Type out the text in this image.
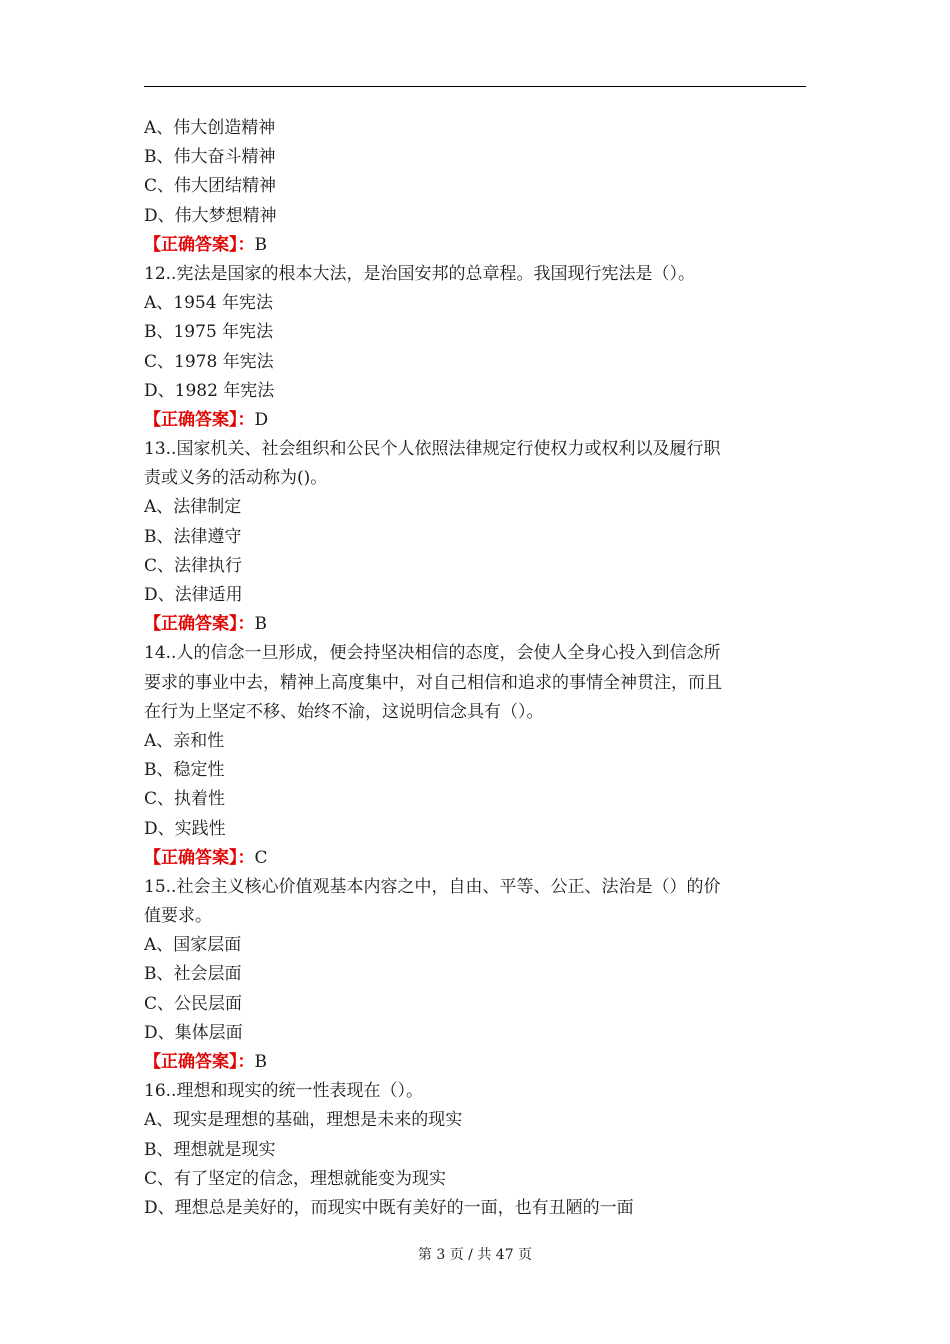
A、伟大创造精神
B、伟大奋斗精神
C、伟大团结精神
D、伟大梦想精神
【正确答案】：B
12..宪法是国家的根本大法，是治国安邦的总章程。我国现行宪法是（）。
A、1954 年宪法
B、1975 年宪法
C、1978 年宪法
D、1982 年宪法
【正确答案】：D
13..国家机关、社会组织和公民个人依照法律规定行使权力或权利以及履行职
责或义务的活动称为()。
A、法律制定
B、法律遵守
C、法律执行
D、法律适用
【正确答案】：B
14..人的信念一旦形成，便会持坚决相信的态度，会使人全身心投入到信念所
要求的事业中去，精神上高度集中，对自己相信和追求的事情全神贯注，而且
在行为上坚定不移、始终不渝，这说明信念具有（）。
A、亲和性
B、稳定性
C、执着性
D、实践性
【正确答案】：C
15..社会主义核心价值观基本内容之中，自由、平等、公正、法治是（）的价
值要求。
A、国家层面
B、社会层面
C、公民层面
D、集体层面
【正确答案】：B
16..理想和现实的统一性表现在（）。
A、现实是理想的基础，理想是未来的现实
B、理想就是现实
C、有了坚定的信念，理想就能变为现实
D、理想总是美好的，而现实中既有美好的一面，也有丑陋的一面
第 3 页 / 共 47 页
